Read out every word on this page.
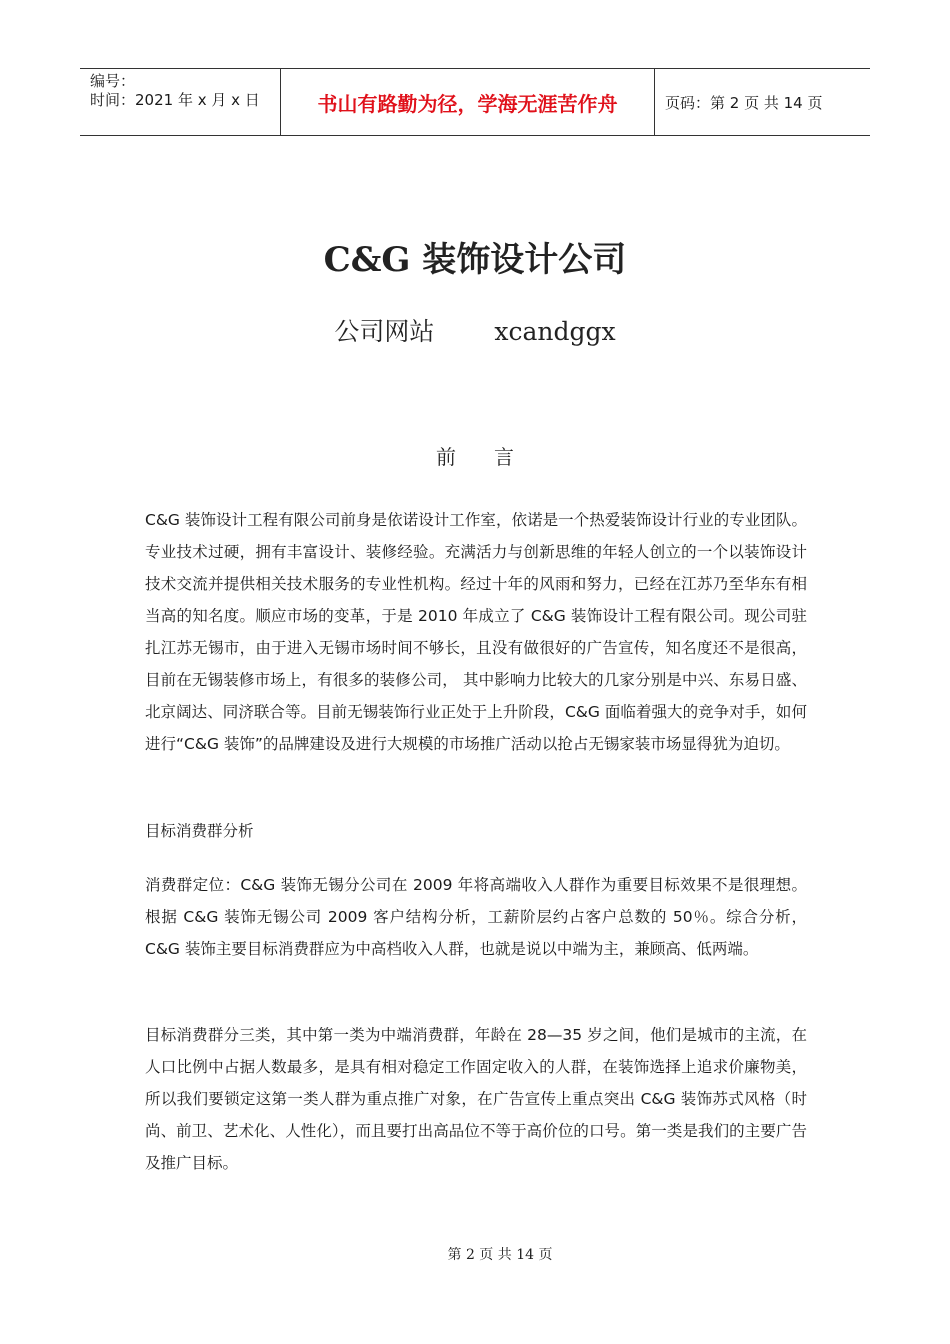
编号：
时间：2021 年 x 月 x 日	书山有路勤为径，学海无涯苦作舟	页码：第 2 页 共 14 页
C&G 装饰设计公司
公司网站 xcandggx
前言
C&G 装饰设计工程有限公司前身是依诺设计工作室，依诺是一个热爱装饰设计行业的专业团队。专业技术过硬，拥有丰富设计、装修经验。充满活力与创新思维的年轻人创立的一个以装饰设计技术交流并提供相关技术服务的专业性机构。经过十年的风雨和努力，已经在江苏乃至华东有相当高的知名度。顺应市场的变革，于是 2010 年成立了 C&G 装饰设计工程有限公司。现公司驻扎江苏无锡市，由于进入无锡市场时间不够长，且没有做很好的广告宣传，知名度还不是很高，目前在无锡装修市场上，有很多的装修公司， 其中影响力比较大的几家分别是中兴、东易日盛、北京阔达、同济联合等。目前无锡装饰行业正处于上升阶段，C&G 面临着强大的竞争对手，如何进行“C&G 装饰”的品牌建设及进行大规模的市场推广活动以抢占无锡家装市场显得犹为迫切。
目标消费群分析
消费群定位：C&G 装饰无锡分公司在 2009 年将高端收入人群作为重要目标效果不是很理想。根据 C&G 装饰无锡公司 2009 客户结构分析，工薪阶层约占客户总数的 50％。综合分析，C&G 装饰主要目标消费群应为中高档收入人群，也就是说以中端为主，兼顾高、低两端。
目标消费群分三类，其中第一类为中端消费群，年龄在 28—35 岁之间，他们是城市的主流，在人口比例中占据人数最多，是具有相对稳定工作固定收入的人群，在装饰选择上追求价廉物美，所以我们要锁定这第一类人群为重点推广对象，在广告宣传上重点突出 C&G 装饰苏式风格（时尚、前卫、艺术化、人性化），而且要打出高品位不等于高价位的口号。第一类是我们的主要广告及推广目标。
第 2 页 共 14 页
